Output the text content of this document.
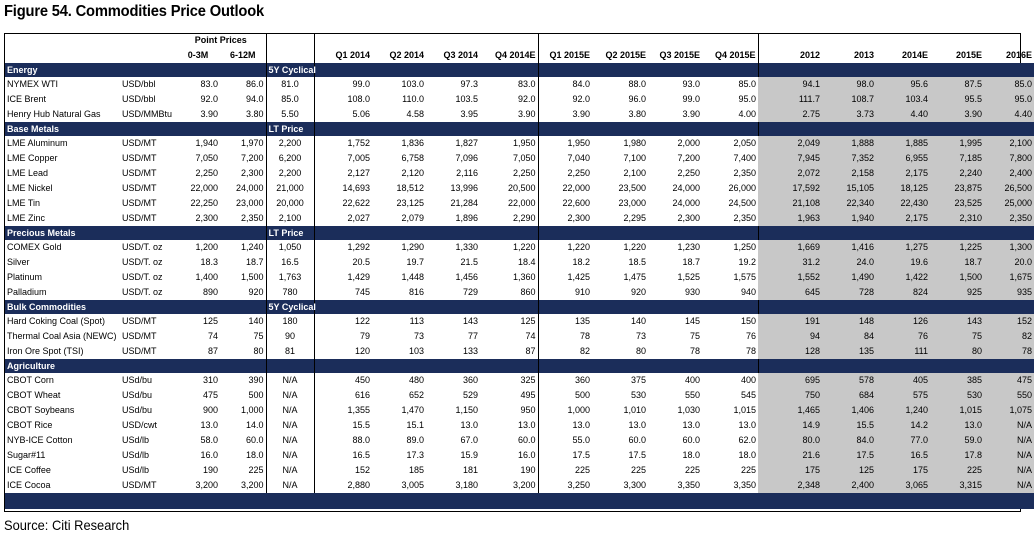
Figure 54. Commodities Price Outlook
		Point Prices															
		0-3M	6-12M		Q1 2014	Q2 2014	Q3 2014	Q4 2014E	Q1 2015E	Q2 2015E	Q3 2015E	Q4 2015E	2012	2013	2014E	2015E	2016E
Energy				5Y Cyclical													
NYMEX WTI	USD/bbl	83.0	86.0	81.0	99.0	103.0	97.3	83.0	84.0	88.0	93.0	85.0	94.1	98.0	95.6	87.5	85.0
ICE Brent	USD/bbl	92.0	94.0	85.0	108.0	110.0	103.5	92.0	92.0	96.0	99.0	95.0	111.7	108.7	103.4	95.5	95.0
Henry Hub Natural Gas	USD/MMBtu	3.90	3.80	5.50	5.06	4.58	3.95	3.90	3.90	3.80	3.90	4.00	2.75	3.73	4.40	3.90	4.40
Base Metals				LT Price													
LME Aluminum	USD/MT	1,940	1,970	2,200	1,752	1,836	1,827	1,950	1,950	1,980	2,000	2,050	2,049	1,888	1,885	1,995	2,100
LME Copper	USD/MT	7,050	7,200	6,200	7,005	6,758	7,096	7,050	7,040	7,100	7,200	7,400	7,945	7,352	6,955	7,185	7,800
LME Lead	USD/MT	2,250	2,300	2,200	2,127	2,120	2,116	2,250	2,250	2,100	2,250	2,350	2,072	2,158	2,175	2,240	2,400
LME Nickel	USD/MT	22,000	24,000	21,000	14,693	18,512	13,996	20,500	22,000	23,500	24,000	26,000	17,592	15,105	18,125	23,875	26,500
LME Tin	USD/MT	22,250	23,000	20,000	22,622	23,125	21,284	22,000	22,600	23,000	24,000	24,500	21,108	22,340	22,430	23,525	25,000
LME Zinc	USD/MT	2,300	2,350	2,100	2,027	2,079	1,896	2,290	2,300	2,295	2,300	2,350	1,963	1,940	2,175	2,310	2,350
Precious Metals				LT Price													
COMEX Gold	USD/T. oz	1,200	1,240	1,050	1,292	1,290	1,330	1,220	1,220	1,220	1,230	1,250	1,669	1,416	1,275	1,225	1,300
Silver	USD/T. oz	18.3	18.7	16.5	20.5	19.7	21.5	18.4	18.2	18.5	18.7	19.2	31.2	24.0	19.6	18.7	20.0
Platinum	USD/T. oz	1,400	1,500	1,763	1,429	1,448	1,456	1,360	1,425	1,475	1,525	1,575	1,552	1,490	1,422	1,500	1,675
Palladium	USD/T. oz	890	920	780	745	816	729	860	910	920	930	940	645	728	824	925	935
Bulk Commodities				5Y Cyclical													
Hard Coking Coal (Spot)	USD/MT	125	140	180	122	113	143	125	135	140	145	150	191	148	126	143	152
Thermal Coal Asia (NEWC)	USD/MT	74	75	90	79	73	77	74	78	73	75	76	94	84	76	75	82
Iron Ore Spot (TSI)	USD/MT	87	80	81	120	103	133	87	82	80	78	78	128	135	111	80	78
Agriculture																	
CBOT Corn	USd/bu	310	390	N/A	450	480	360	325	360	375	400	400	695	578	405	385	475
CBOT Wheat	USd/bu	475	500	N/A	616	652	529	495	500	530	550	545	750	684	575	530	550
CBOT Soybeans	USd/bu	900	1,000	N/A	1,355	1,470	1,150	950	1,000	1,010	1,030	1,015	1,465	1,406	1,240	1,015	1,075
CBOT Rice	USD/cwt	13.0	14.0	N/A	15.5	15.1	13.0	13.0	13.0	13.0	13.0	13.0	14.9	15.5	14.2	13.0	N/A
NYB-ICE Cotton	USd/lb	58.0	60.0	N/A	88.0	89.0	67.0	60.0	55.0	60.0	60.0	62.0	80.0	84.0	77.0	59.0	N/A
Sugar#11	USd/lb	16.0	18.0	N/A	16.5	17.3	15.9	16.0	17.5	17.5	18.0	18.0	21.6	17.5	16.5	17.8	N/A
ICE Coffee	USd/lb	190	225	N/A	152	185	181	190	225	225	225	225	175	125	175	225	N/A
ICE Cocoa	USD/MT	3,200	3,200	N/A	2,880	3,005	3,180	3,200	3,250	3,300	3,350	3,350	2,348	2,400	3,065	3,315	N/A

Source: Citi Research
